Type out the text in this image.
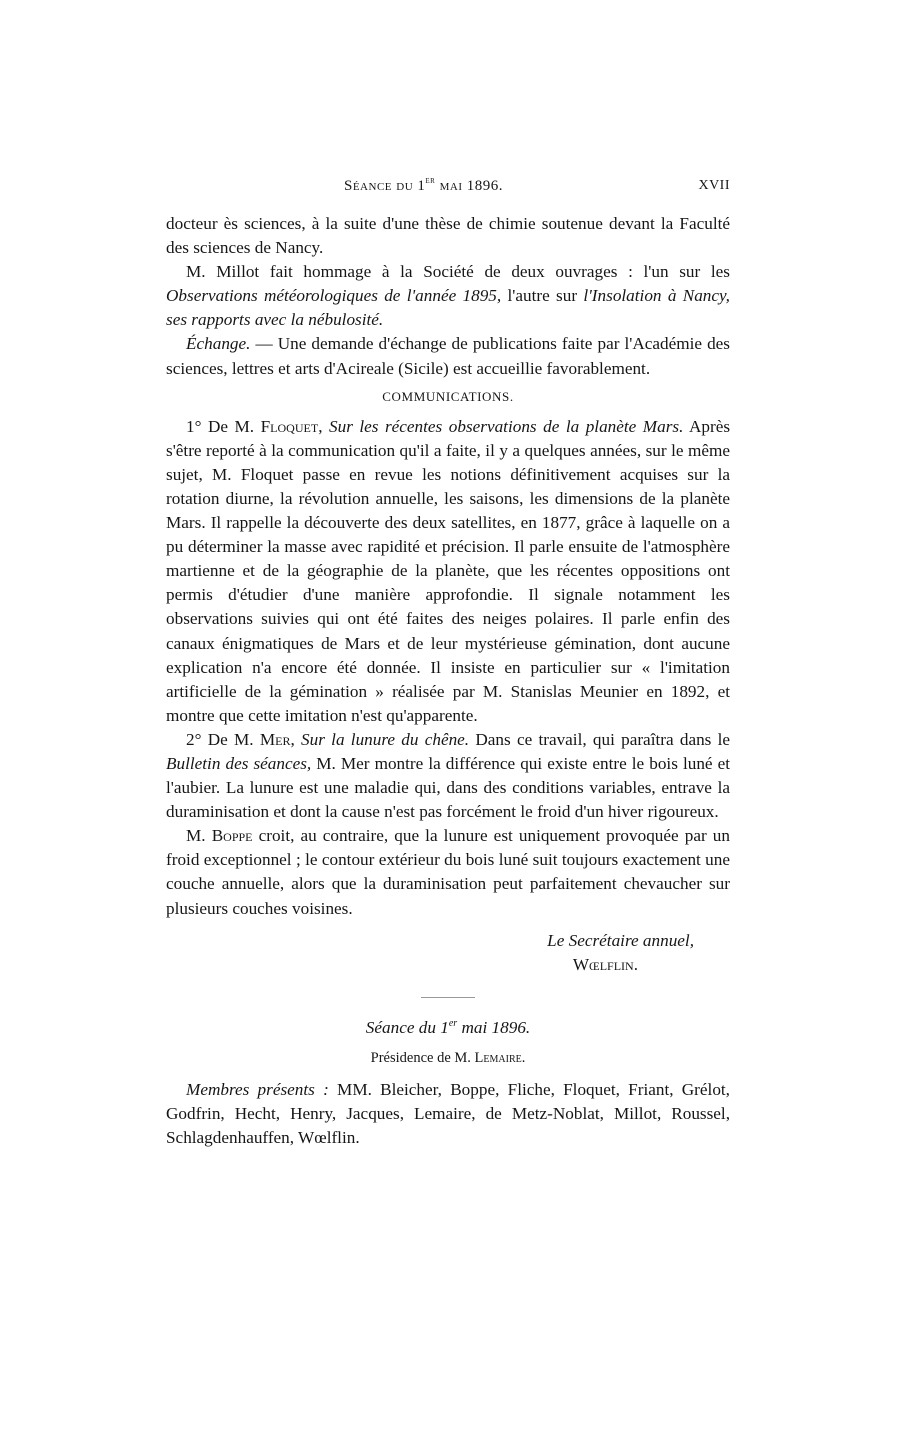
Séance du 1er mai 1896.	XVII

docteur ès sciences, à la suite d'une thèse de chimie soutenue devant la Faculté des sciences de Nancy.

M. Millot fait hommage à la Société de deux ouvrages : l'un sur les Observations météorologiques de l'année 1895, l'autre sur l'Insolation à Nancy, ses rapports avec la nébulosité.

Échange. — Une demande d'échange de publications faite par l'Académie des sciences, lettres et arts d'Acireale (Sicile) est accueillie favorablement.

COMMUNICATIONS.

1° De M. Floquet, Sur les récentes observations de la planète Mars. Après s'être reporté à la communication qu'il a faite, il y a quelques années, sur le même sujet, M. Floquet passe en revue les notions définitivement acquises sur la rotation diurne, la révolution annuelle, les saisons, les dimensions de la planète Mars. Il rappelle la découverte des deux satellites, en 1877, grâce à laquelle on a pu déterminer la masse avec rapidité et précision. Il parle ensuite de l'atmosphère martienne et de la géographie de la planète, que les récentes oppositions ont permis d'étudier d'une manière approfondie. Il signale notamment les observations suivies qui ont été faites des neiges polaires. Il parle enfin des canaux énigmatiques de Mars et de leur mystérieuse gémination, dont aucune explication n'a encore été donnée. Il insiste en particulier sur « l'imitation artificielle de la gémination » réalisée par M. Stanislas Meunier en 1892, et montre que cette imitation n'est qu'apparente.

2° De M. Mer, Sur la lunure du chêne. Dans ce travail, qui paraîtra dans le Bulletin des séances, M. Mer montre la différence qui existe entre le bois luné et l'aubier. La lunure est une maladie qui, dans des conditions variables, entrave la duraminisation et dont la cause n'est pas forcément le froid d'un hiver rigoureux.

M. Boppe croit, au contraire, que la lunure est uniquement provoquée par un froid exceptionnel ; le contour extérieur du bois luné suit toujours exactement une couche annuelle, alors que la duraminisation peut parfaitement chevaucher sur plusieurs couches voisines.

Le Secrétaire annuel,
Wœlflin.
Séance du 1er mai 1896.
Présidence de M. Lemaire.

Membres présents : MM. Bleicher, Boppe, Fliche, Floquet, Friant, Grélot, Godfrin, Hecht, Henry, Jacques, Lemaire, de Metz-Noblat, Millot, Roussel, Schlagdenhauffen, Wœlflin.
